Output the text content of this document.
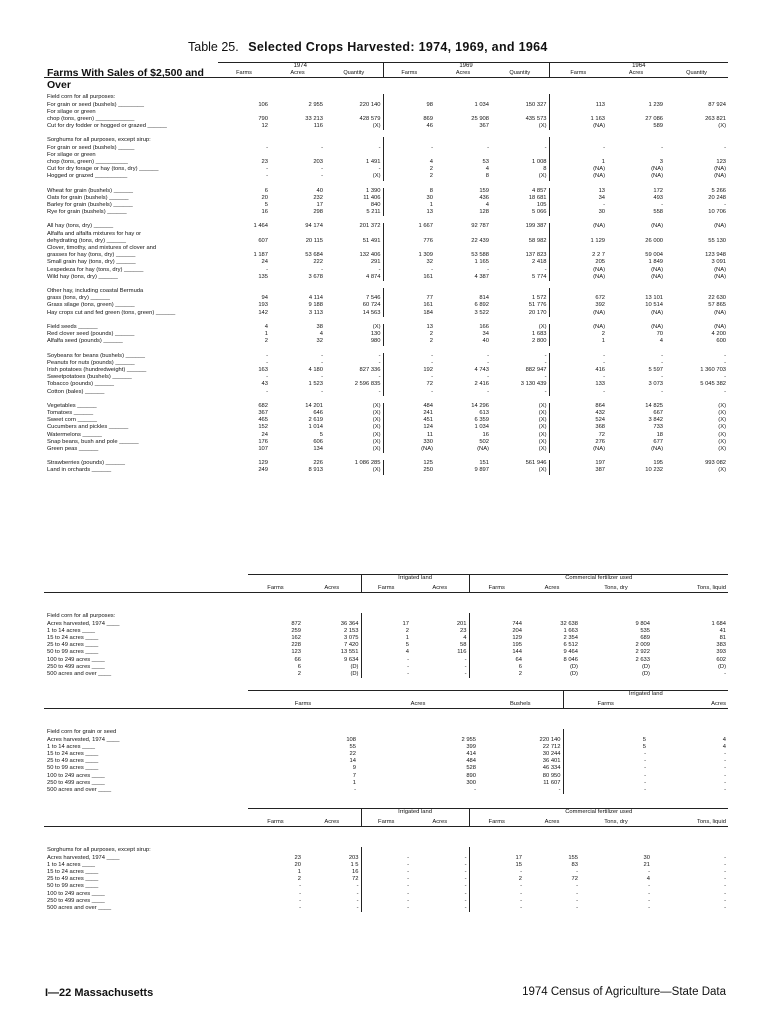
Table 25. Selected Crops Harvested: 1974, 1969, and 1964
Farms With Sales of $2,500 and Over
	1974			1969			1964		
	Farms	Acres	Quantity	Farms	Acres	Quantity	Farms	Acres	Quantity

Field corn for all purposes:									
For grain or seed (bushels) ________	106	2 955	220 140	98	1 034	150 327	113	1 239	87 924
For silage or green									
chop (tons, green) ____________	790	33 213	428 579	869	25 908	435 573	1 163	27 086	263 821
Cut for dry fodder or hogged or grazed ______	12	116	(X)	46	367	(X)	(NA)	589	(X)

Sorghums for all purposes, except sirup:									
For grain or seed (bushels) _____	-	-	-	-	-	-	-	-	-
For silage or green									
chop (tons, green) __________	23	203	1 491	4	53	1 008	1	3	123
Cut for dry forage or hay (tons, dry) ______	-	-	-	2	4	8	(NA)	(NA)	(NA)
Hogged or grazed __________	-	-	(X)	2	8	(X)	(NA)	(NA)	(NA)

Wheat for grain (bushels) ______	6	40	1 390	8	159	4 857	13	172	5 266
Oats for grain (bushels) ______	20	232	11 406	30	436	18 681	34	493	20 248
Barley for grain (bushels) ______	5	17	840	1	4	105	-	-	-
Rye for grain (bushels) ______	16	298	5 211	13	128	5 066	30	558	10 706

All hay (tons, dry) ______	1 464	94 174	201 372	1 667	92 787	199 387	(NA)	(NA)	(NA)
Alfalfa and alfalfa mixtures for hay or									
dehydrating (tons, dry) ______	607	20 115	51 491	776	22 439	58 982	1 129	26 000	55 130
Clover, timothy, and mixtures of clover and									
grasses for hay (tons, dry) ______	1 187	53 684	132 406	1 309	53 588	137 823	2 2 7	59 004	123 948
Small grain hay (tons, dry) ______	24	222	291	32	1 165	2 418	205	1 849	3 091
Lespedeza for hay (tons, dry) ______	-	-	-	-	-	-	(NA)	(NA)	(NA)
Wild hay (tons, dry) ______	135	3 678	4 874	161	4 387	5 774	(NA)	(NA)	(NA)

Other hay, including coastal Bermuda									
grass (tons, dry) ______	94	4 114	7 546	77	814	1 572	672	13 101	22 630
Grass silage (tons, green) ______	193	9 188	60 724	161	6 892	51 776	392	10 514	57 865
Hay crops cut and fed green (tons, green) ______	142	3 113	14 563	184	3 522	20 170	(NA)	(NA)	(NA)

Field seeds ______	4	38	(X)	13	166	(X)	(NA)	(NA)	(NA)
Red clover seed (pounds) ______	1	4	130	2	34	1 683	2	70	4 200
Alfalfa seed (pounds) ______	2	32	980	2	40	2 800	1	4	600

Soybeans for beans (bushels) ______	-	-	-	-	-	-	-	-	-
Peanuts for nuts (pounds) ______	-	-	-	-	-	-	-	-	-
Irish potatoes (hundredweight) ______	163	4 180	827 336	192	4 743	882 947	416	5 597	1 360 703
Sweetpotatoes (bushels) ______	-	-	-	-	-	-	-	-	-
Tobacco (pounds) ______	43	1 523	2 596 835	72	2 416	3 130 439	133	3 073	5 045 382
Cotton (bales) ______	-	-	-	-	-	-	-	-	-

Vegetables ______	682	14 201	(X)	484	14 296	(X)	864	14 825	(X)
Tomatoes ______	367	646	(X)	241	613	(X)	432	667	(X)
Sweet corn ______	465	2 619	(X)	451	6 359	(X)	524	3 842	(X)
Cucumbers and pickles ______	152	1 014	(X)	124	1 034	(X)	368	733	(X)
Watermelons ______	24	5	(X)	11	16	(X)	72	18	(X)
Snap beans, bush and pole ______	176	606	(X)	330	502	(X)	276	677	(X)
Green peas ______	107	134	(X)	(NA)	(NA)	(X)	(NA)	(NA)	(X)

Strawberries (pounds) ______	129	226	1 086 285	125	151	561 946	197	195	993 082
Land in orchards ______	249	8 913	(X)	250	9 897	(X)	387	10 232	(X)
			Irrigated land		Commercial fertilizer used			
	Farms	Acres	Farms	Acres	Farms	Acres	Tons, dry	Tons, liquid

Field corn for all purposes:								
Acres harvested, 1974 ____	872	36 364	17	201	744	32 638	9 804	1 684
1 to 14 acres ____	259	2 153	2	23	204	1 663	535	41
15 to 24 acres ____	162	3 075	1	4	129	2 354	689	81
25 to 49 acres ____	228	7 420	5	58	195	6 512	2 009	383
50 to 99 acres ____	123	13 551	4	116	144	9 464	2 922	393
100 to 249 acres ____	66	9 634	-	-	64	8 046	2 633	602
250 to 499 acres ____	6	(D)	-	-	6	(D)	(D)	(D)
500 acres and over ____	2	(D)	-	-	2	(D)	(D)	-
				Irrigated land	
	Farms	Acres	Bushels	Farms	Acres

Field corn for grain or seed					
Acres harvested, 1974 ____	108	2 955	220 140	5	4
1 to 14 acres ____	55	399	22 712	5	4
15 to 24 acres ____	22	414	30 244	-	-
25 to 49 acres ____	14	484	36 401	-	-
50 to 99 acres ____	9	528	46 334	-	-
100 to 249 acres ____	7	890	80 950	-	-
250 to 499 acres ____	1	300	11 607	-	-
500 acres and over ____	-	-	-	-	-
			Irrigated land		Commercial fertilizer used			
	Farms	Acres	Farms	Acres	Farms	Acres	Tons, dry	Tons, liquid

Sorghums for all purposes, except sirup:								
Acres harvested, 1974 ____	23	203	-	-	17	155	30	-
1 to 14 acres ____	20	1 5	-	-	15	83	21	-
15 to 24 acres ____	1	16	-	-	-	-	-	-
25 to 49 acres ____	2	72	-	-	2	72	4	-
50 to 99 acres ____	-	-	-	-	-	-	-	-
100 to 249 acres ____	-	-	-	-	-	-	-	-
250 to 499 acres ____	-	-	-	-	-	-	-	-
500 acres and over ____	-	-	-	-	-	-	-	-
I—22 Massachusetts	1974 Census of Agriculture—State Data
